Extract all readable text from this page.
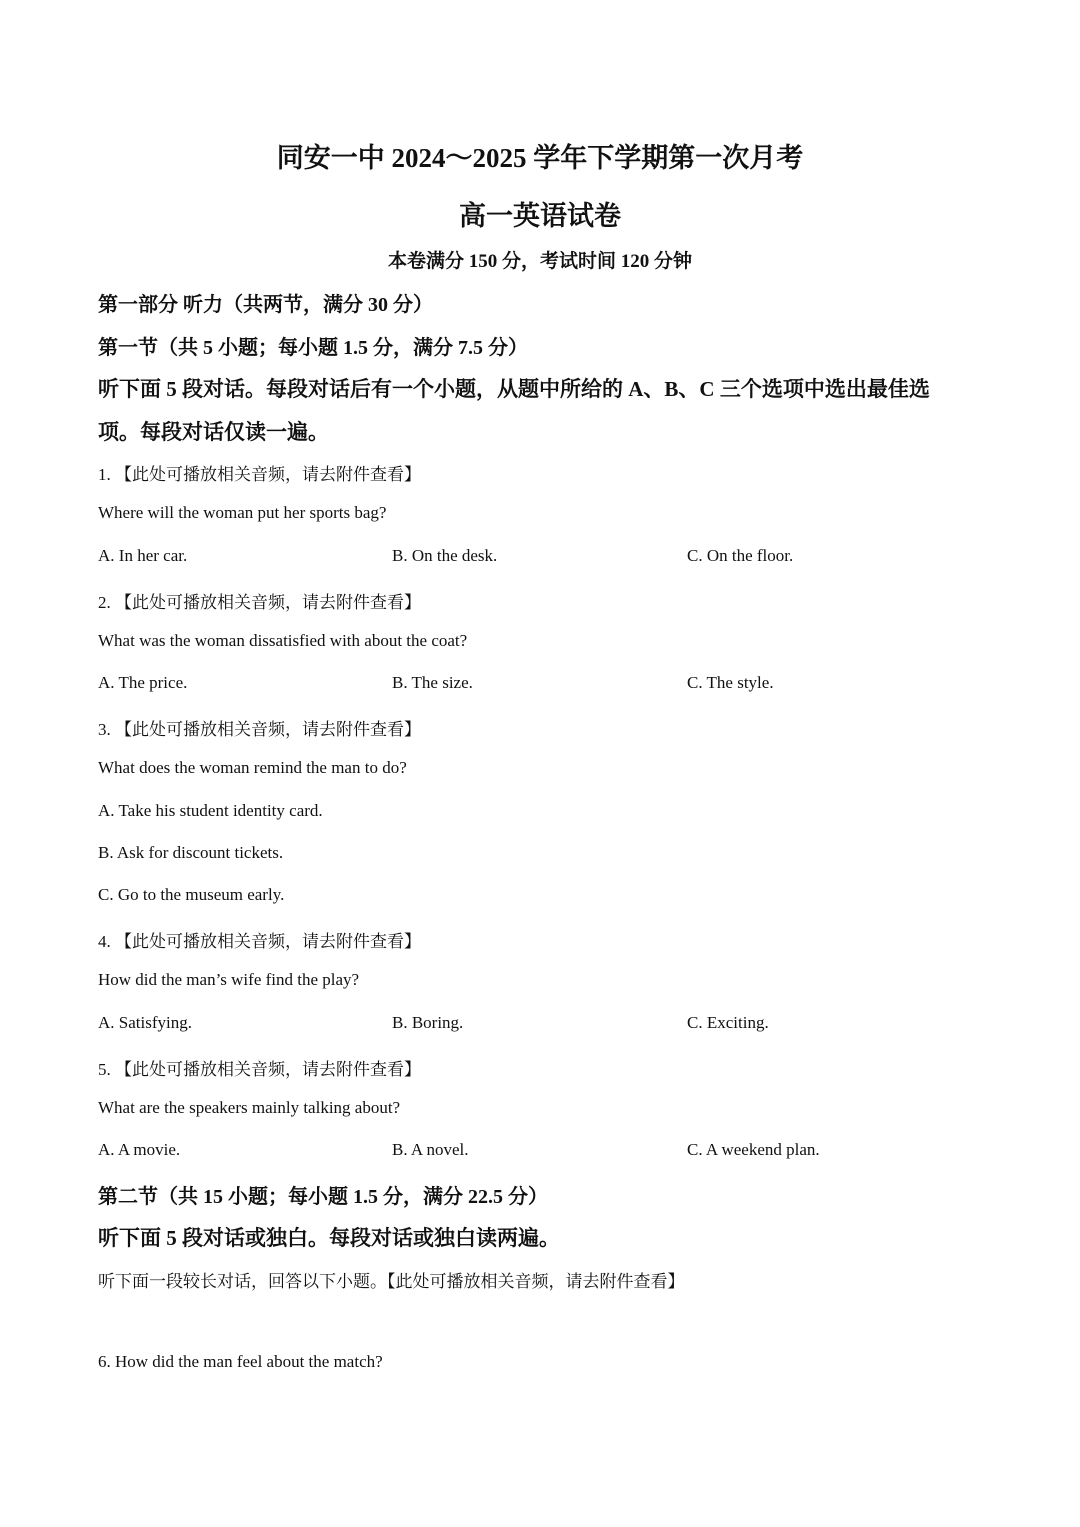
同安一中 2024～2025 学年下学期第一次月考
高一英语试卷
本卷满分 150 分，考试时间 120 分钟
第一部分 听力（共两节，满分 30 分）
第一节（共 5 小题；每小题 1.5 分，满分 7.5 分）
听下面 5 段对话。每段对话后有一个小题，从题中所给的 A、B、C 三个选项中选出最佳选
项。每段对话仅读一遍。
1. 【此处可播放相关音频，请去附件查看】
Where will the woman put her sports bag?
A. In her car.	B. On the desk.	C. On the floor.
2. 【此处可播放相关音频，请去附件查看】
What was the woman dissatisfied with about the coat?
A. The price.	B. The size.	C. The style.
3. 【此处可播放相关音频，请去附件查看】
What does the woman remind the man to do?
A. Take his student identity card.
B. Ask for discount tickets.
C. Go to the museum early.
4. 【此处可播放相关音频，请去附件查看】
How did the man’s wife find the play?
A. Satisfying.	B. Boring.	C. Exciting.
5. 【此处可播放相关音频，请去附件查看】
What are the speakers mainly talking about?
A. A movie.	B. A novel.	C. A weekend plan.
第二节（共 15 小题；每小题 1.5 分，满分 22.5 分）
听下面 5 段对话或独白。每段对话或独白读两遍。
听下面一段较长对话，回答以下小题。【此处可播放相关音频，请去附件查看】
6. How did the man feel about the match?
